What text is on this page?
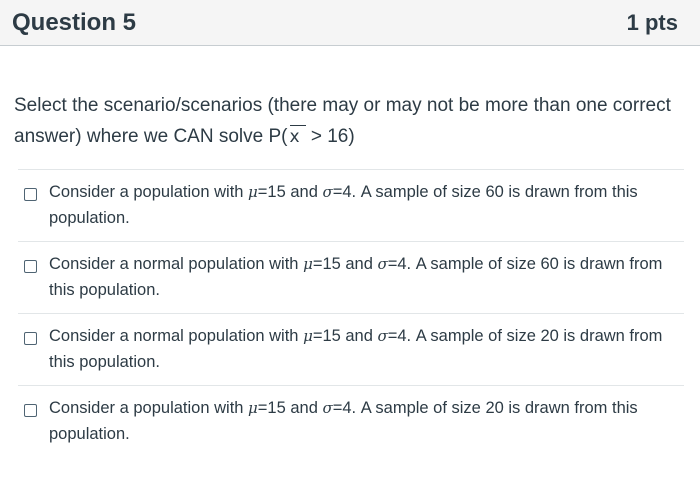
Question 5	1 pts

Select the scenario/scenarios (there may or may not be more than one correct answer) where we CAN solve P( x > 16)

Consider a population with μ=15 and σ=4. A sample of size 60 is drawn from this population.
Consider a normal population with μ=15 and σ=4. A sample of size 60 is drawn from this population.
Consider a normal population with μ=15 and σ=4. A sample of size 20 is drawn from this population.
Consider a population with μ=15 and σ=4. A sample of size 20 is drawn from this population.
